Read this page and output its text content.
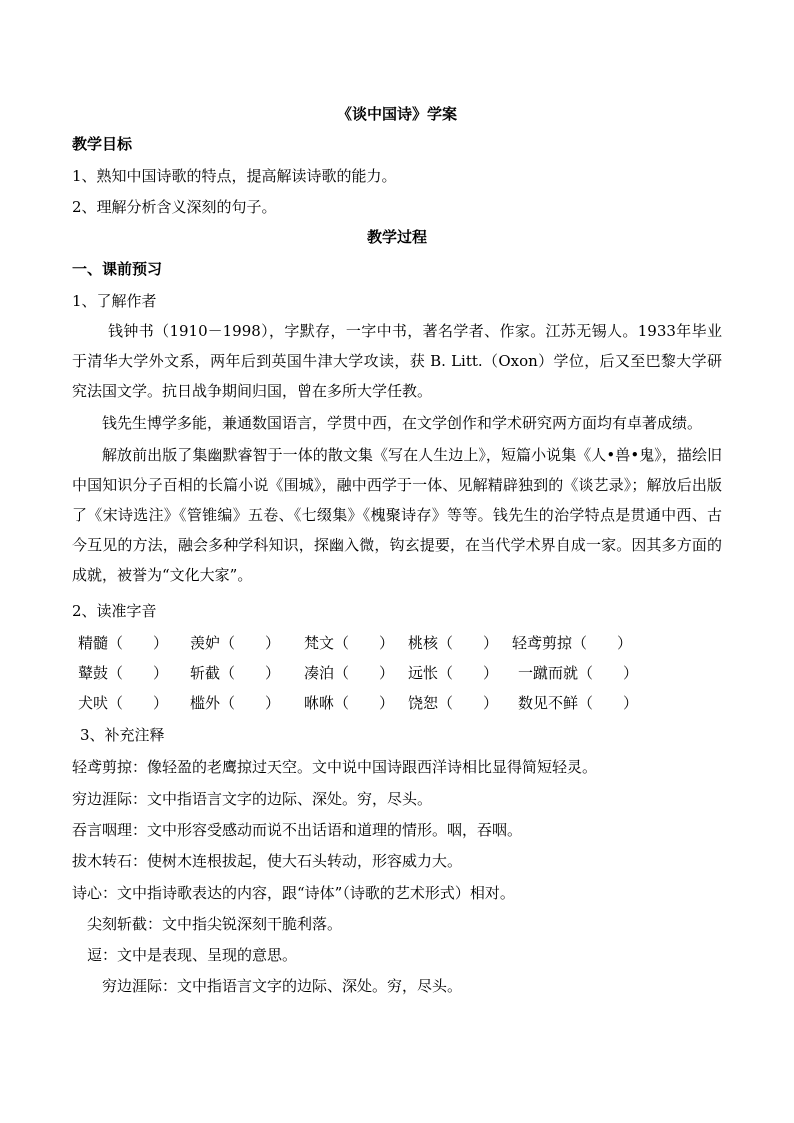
《谈中国诗》学案
教学目标
1、熟知中国诗歌的特点，提高解读诗歌的能力。
2、理解分析含义深刻的句子。
教学过程
一、课前预习
1、了解作者
钱钟书（1910－1998），字默存，一字中书，著名学者、作家。江苏无锡人。1933年毕业于清华大学外文系，两年后到英国牛津大学攻读，获 B. Litt.（Oxon）学位，后又至巴黎大学研究法国文学。抗日战争期间归国，曾在多所大学任教。
钱先生博学多能，兼通数国语言，学贯中西，在文学创作和学术研究两方面均有卓著成绩。
解放前出版了集幽默睿智于一体的散文集《写在人生边上》，短篇小说集《人•兽•鬼》，描绘旧中国知识分子百相的长篇小说《围城》，融中西学于一体、见解精辟独到的《谈艺录》；解放后出版了《宋诗选注》《管锥编》五卷、《七缀集》《槐聚诗存》等等。钱先生的治学特点是贯通中西、古今互见的方法，融会多种学科知识，探幽入微，钩玄提要，在当代学术界自成一家。因其多方面的成就，被誉为“文化大家”。
2、读准字音
精髓（　　） 羡妒（　　） 梵文（　　） 桃核（　　） 轻鸢剪掠（　　）
鼙鼓（　　） 斩截（　　） 凑泊（　　） 远怅（　　） 一蹴而就（　　）
犬吠（　　） 槛外（　　） 咻咻（　　） 饶恕（　　） 数见不鲜（　　）
3、补充注释
轻鸢剪掠：像轻盈的老鹰掠过天空。文中说中国诗跟西洋诗相比显得简短轻灵。
穷边涯际：文中指语言文字的边际、深处。穷，尽头。
吞言咽理：文中形容受感动而说不出话语和道理的情形。咽，吞咽。
拔木转石：使树木连根拔起，使大石头转动，形容威力大。
诗心：文中指诗歌表达的内容，跟“诗体”（诗歌的艺术形式）相对。
尖刻斩截：文中指尖锐深刻干脆利落。
逗：文中是表现、呈现的意思。
穷边涯际：文中指语言文字的边际、深处。穷，尽头。
